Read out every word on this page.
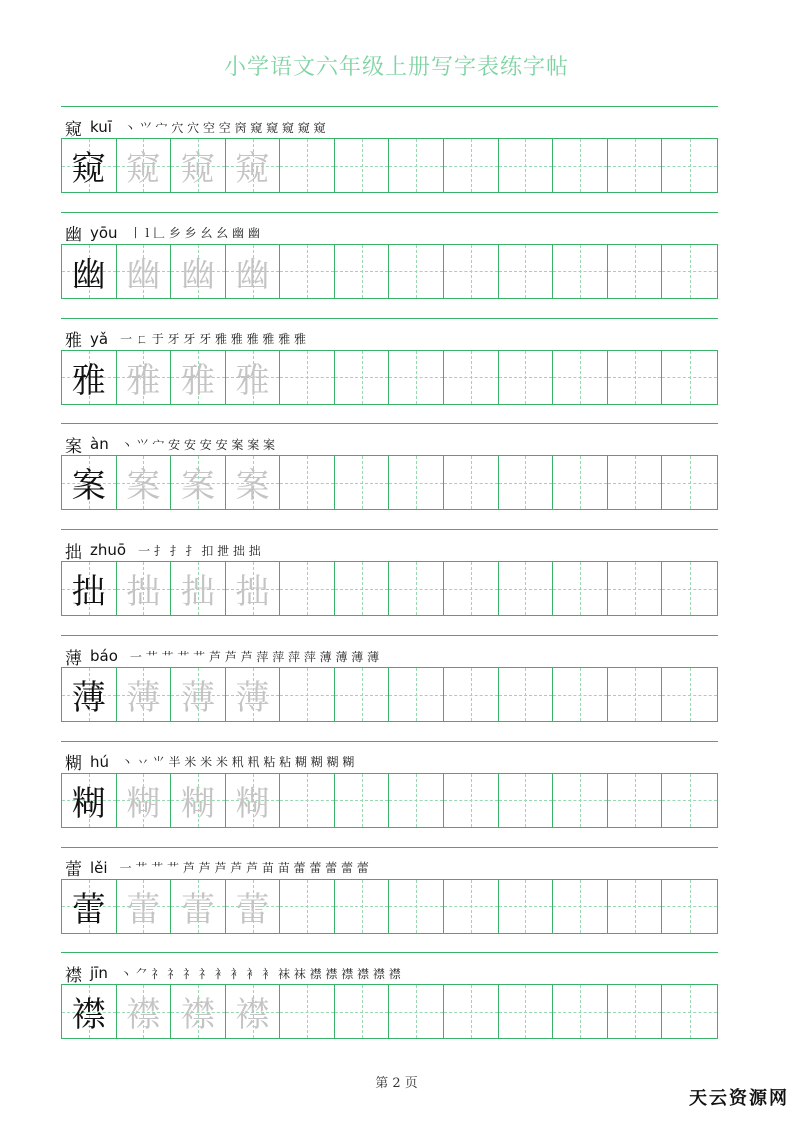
小学语文六年级上册写字表练字帖
窥 kuī 丶 ⺍ 宀 穴 穴 空 空 窉 窥 窥 窥 窥 窥
窥 窥 窥 窥
幽 yōu 丨 l 𠃊 乡 乡 幺 幺 幽 幽
幽 幽 幽 幽
雅 yǎ 一 ㄈ 于 牙 牙 牙 雅 雅 雅 雅 雅 雅
雅 雅 雅 雅
案 àn 丶 ⺍ 宀 安 安 安 安 案 案 案
案 案 案 案
拙 zhuō 一 扌 扌 扌 扣 抴 拙 拙
拙 拙 拙 拙
薄 báo 一 艹 艹 艹 艹 芦 芦 芦 萍 萍 萍 萍 薄 薄 薄 薄
薄 薄 薄 薄
糊 hú 丶 丷 ⺌ 半 米 米 米 籸 籸 粘 粘 糊 糊 糊 糊
糊 糊 糊 糊
蕾 lěi 一 艹 艹 艹 芦 芦 芦 芦 芦 苗 苗 蕾 蕾 蕾 蕾 蕾
蕾 蕾 蕾 蕾
襟 jīn 丶 ⺈ 礻 礻 礻 礻 衤 衤 衤 衤 袜 袜 襟 襟 襟 襟 襟 襟
襟 襟 襟 襟
第 2 页
天云资源网
